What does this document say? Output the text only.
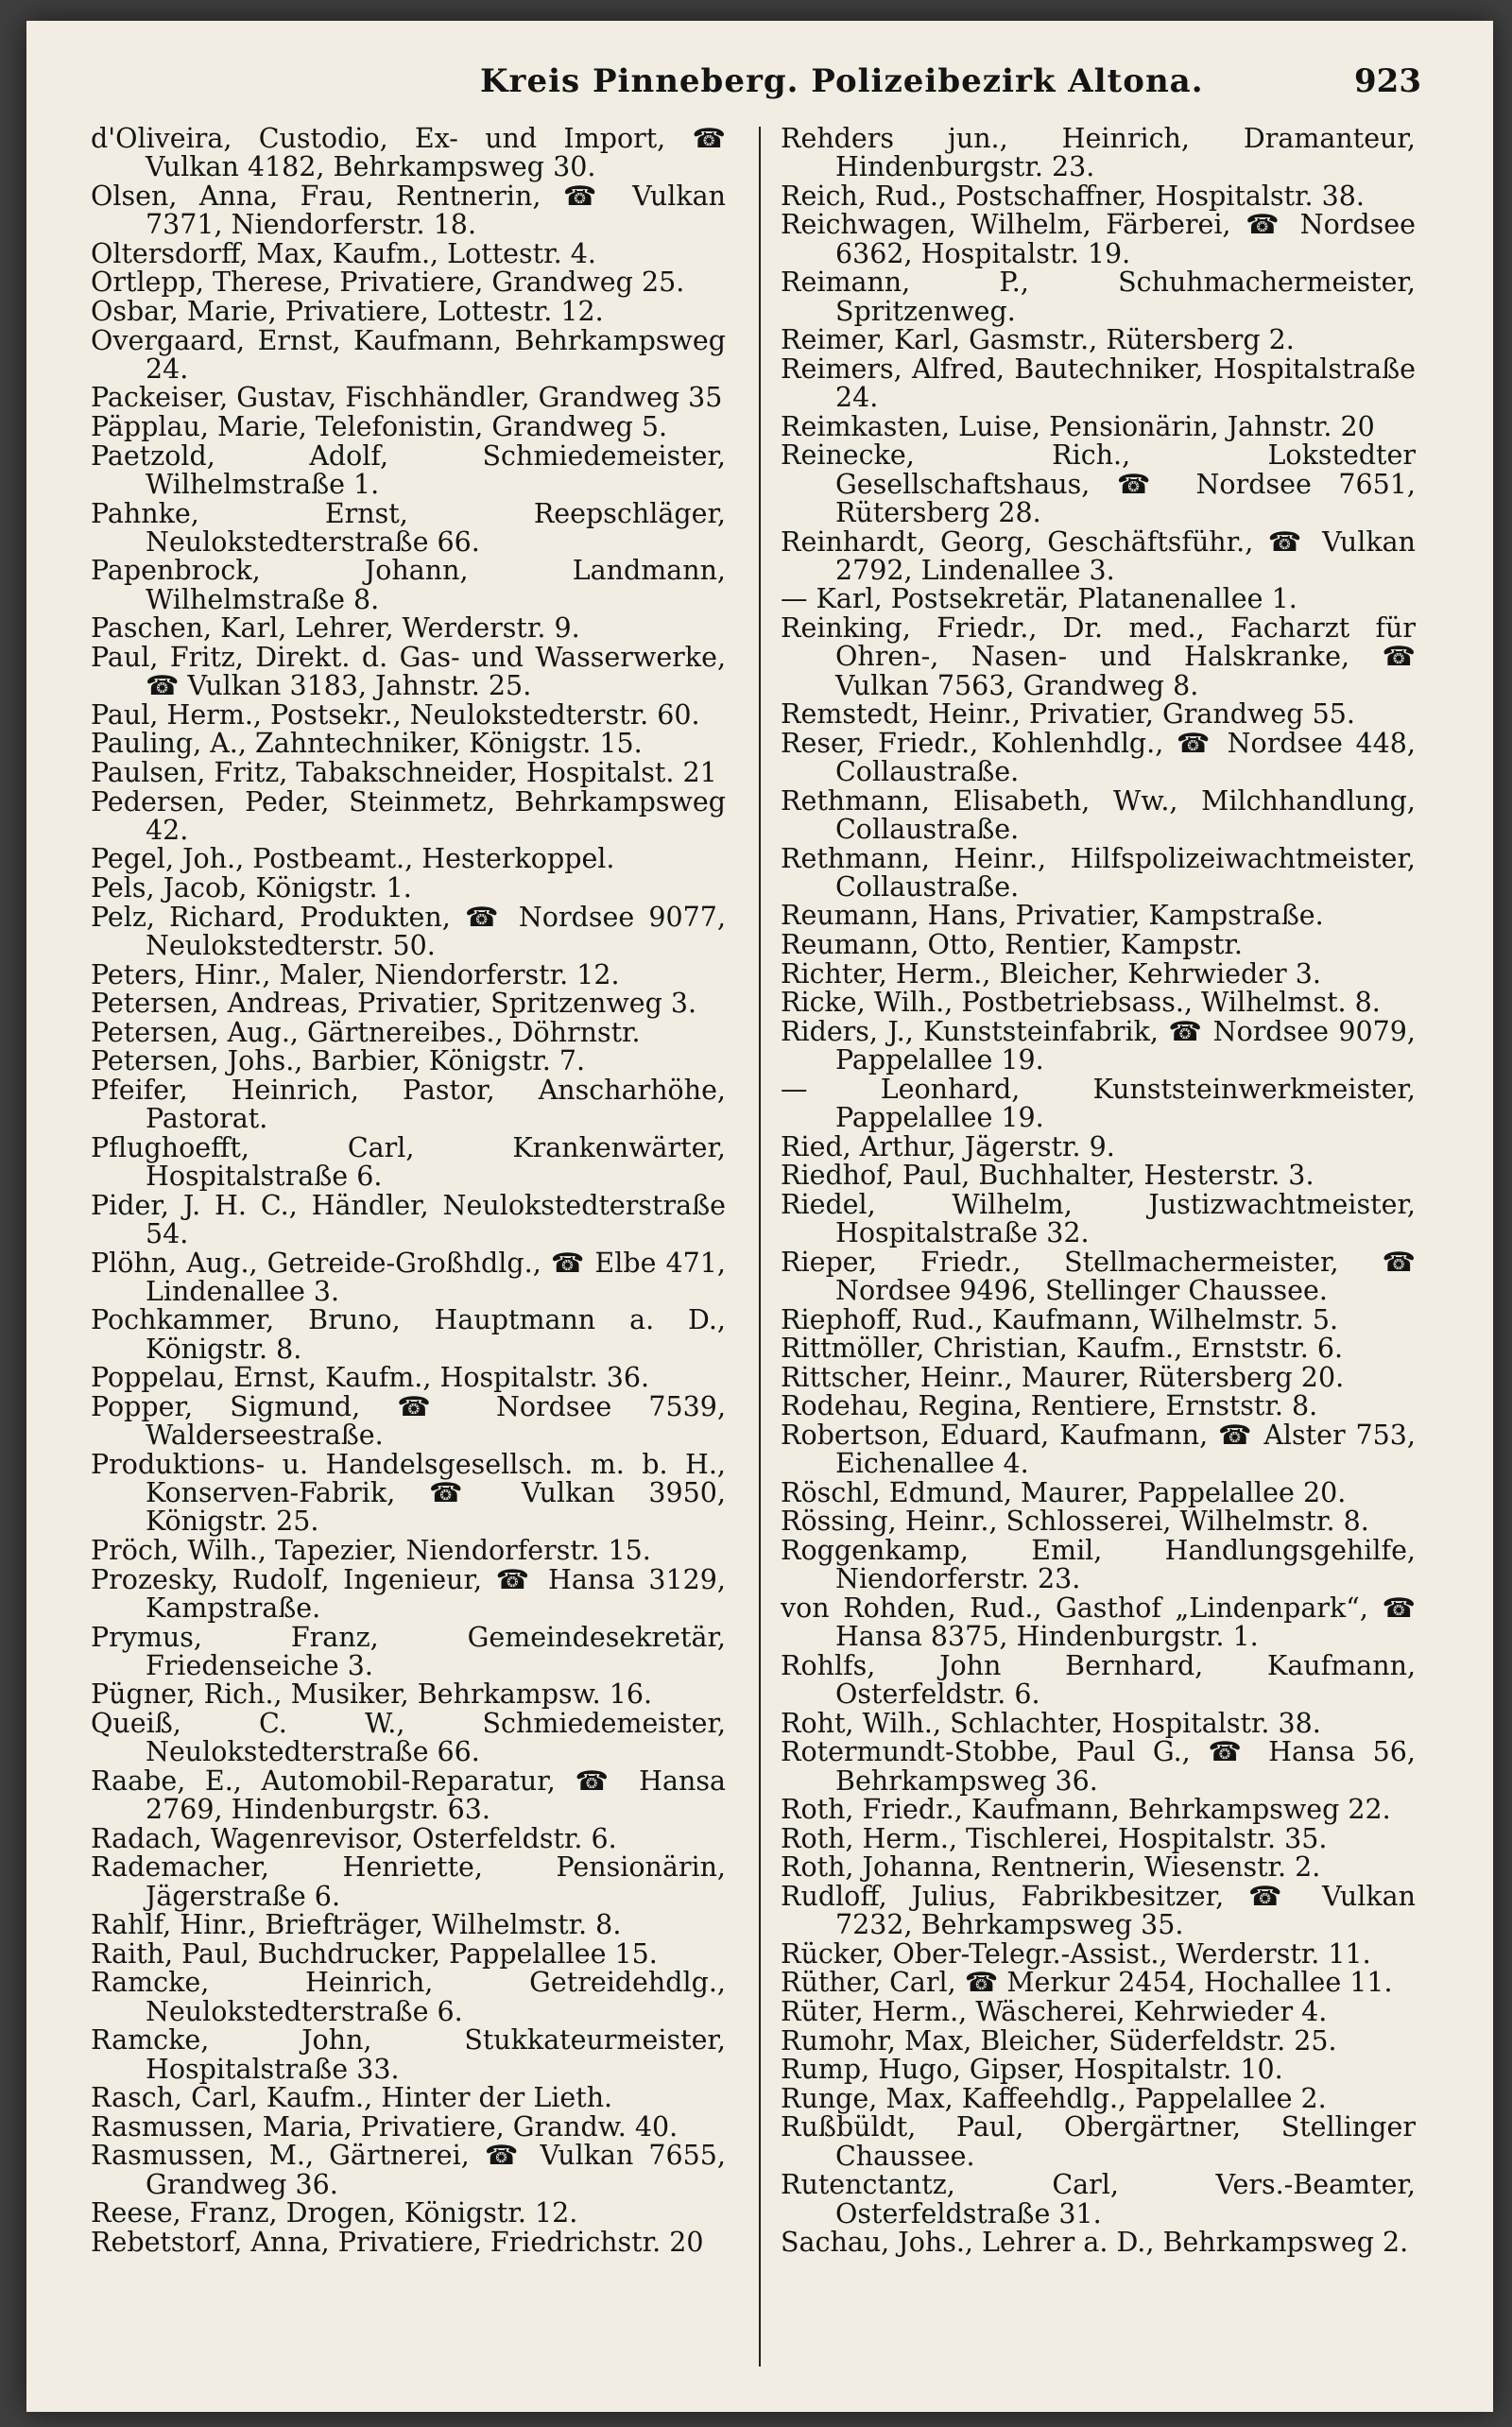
Kreis Pinneberg. Polizeibezirk Altona.	923

d'Oliveira, Custodio, Ex- und Import, ☎ Vulkan 4182, Behrkampsweg 30.

Olsen, Anna, Frau, Rentnerin, ☎ Vulkan 7371, Niendorferstr. 18.

Oltersdorff, Max, Kaufm., Lottestr. 4.

Ortlepp, Therese, Privatiere, Grandweg 25.

Osbar, Marie, Privatiere, Lottestr. 12.

Overgaard, Ernst, Kaufmann, Behrkampsweg 24.

Packeiser, Gustav, Fischhändler, Grandweg 35

Päpplau, Marie, Telefonistin, Grandweg 5.

Paetzold, Adolf, Schmiedemeister, Wilhelmstraße 1.

Pahnke, Ernst, Reepschläger, Neulokstedterstraße 66.

Papenbrock, Johann, Landmann, Wilhelmstraße 8.

Paschen, Karl, Lehrer, Werderstr. 9.

Paul, Fritz, Direkt. d. Gas- und Wasserwerke, ☎ Vulkan 3183, Jahnstr. 25.

Paul, Herm., Postsekr., Neulokstedterstr. 60.

Pauling, A., Zahntechniker, Königstr. 15.

Paulsen, Fritz, Tabakschneider, Hospitalst. 21

Pedersen, Peder, Steinmetz, Behrkampsweg 42.

Pegel, Joh., Postbeamt., Hesterkoppel.

Pels, Jacob, Königstr. 1.

Pelz, Richard, Produkten, ☎ Nordsee 9077, Neulokstedterstr. 50.

Peters, Hinr., Maler, Niendorferstr. 12.

Petersen, Andreas, Privatier, Spritzenweg 3.

Petersen, Aug., Gärtnereibes., Döhrnstr.

Petersen, Johs., Barbier, Königstr. 7.

Pfeifer, Heinrich, Pastor, Anscharhöhe, Pastorat.

Pflughoefft, Carl, Krankenwärter, Hospitalstraße 6.

Pider, J. H. C., Händler, Neulokstedterstraße 54.

Plöhn, Aug., Getreide-Großhdlg., ☎ Elbe 471, Lindenallee 3.

Pochkammer, Bruno, Hauptmann a. D., Königstr. 8.

Poppelau, Ernst, Kaufm., Hospitalstr. 36.

Popper, Sigmund, ☎ Nordsee 7539, Walderseestraße.

Produktions- u. Handelsgesellsch. m. b. H., Konserven-Fabrik, ☎ Vulkan 3950, Königstr. 25.

Pröch, Wilh., Tapezier, Niendorferstr. 15.

Prozesky, Rudolf, Ingenieur, ☎ Hansa 3129, Kampstraße.

Prymus, Franz, Gemeindesekretär, Friedenseiche 3.

Pügner, Rich., Musiker, Behrkampsw. 16.

Queiß, C. W., Schmiedemeister, Neulokstedterstraße 66.

Raabe, E., Automobil-Reparatur, ☎ Hansa 2769, Hindenburgstr. 63.

Radach, Wagenrevisor, Osterfeldstr. 6.

Rademacher, Henriette, Pensionärin, Jägerstraße 6.

Rahlf, Hinr., Briefträger, Wilhelmstr. 8.

Raith, Paul, Buchdrucker, Pappelallee 15.

Ramcke, Heinrich, Getreidehdlg., Neulokstedterstraße 6.

Ramcke, John, Stukkateurmeister, Hospitalstraße 33.

Rasch, Carl, Kaufm., Hinter der Lieth.

Rasmussen, Maria, Privatiere, Grandw. 40.

Rasmussen, M., Gärtnerei, ☎ Vulkan 7655, Grandweg 36.

Reese, Franz, Drogen, Königstr. 12.

Rebetstorf, Anna, Privatiere, Friedrichstr. 20

Rehders jun., Heinrich, Dramanteur, Hindenburgstr. 23.

Reich, Rud., Postschaffner, Hospitalstr. 38.

Reichwagen, Wilhelm, Färberei, ☎ Nordsee 6362, Hospitalstr. 19.

Reimann, P., Schuhmachermeister, Spritzenweg.

Reimer, Karl, Gasmstr., Rütersberg 2.

Reimers, Alfred, Bautechniker, Hospitalstraße 24.

Reimkasten, Luise, Pensionärin, Jahnstr. 20

Reinecke, Rich., Lokstedter Gesellschaftshaus, ☎ Nordsee 7651, Rütersberg 28.

Reinhardt, Georg, Geschäftsführ., ☎ Vulkan 2792, Lindenallee 3.

— Karl, Postsekretär, Platanenallee 1.

Reinking, Friedr., Dr. med., Facharzt für Ohren-, Nasen- und Halskranke, ☎ Vulkan 7563, Grandweg 8.

Remstedt, Heinr., Privatier, Grandweg 55.

Reser, Friedr., Kohlenhdlg., ☎ Nordsee 448, Collaustraße.

Rethmann, Elisabeth, Ww., Milchhandlung, Collaustraße.

Rethmann, Heinr., Hilfspolizeiwachtmeister, Collaustraße.

Reumann, Hans, Privatier, Kampstraße.

Reumann, Otto, Rentier, Kampstr.

Richter, Herm., Bleicher, Kehrwieder 3.

Ricke, Wilh., Postbetriebsass., Wilhelmst. 8.

Riders, J., Kunststeinfabrik, ☎ Nordsee 9079, Pappelallee 19.

— Leonhard, Kunststeinwerkmeister, Pappelallee 19.

Ried, Arthur, Jägerstr. 9.

Riedhof, Paul, Buchhalter, Hesterstr. 3.

Riedel, Wilhelm, Justizwachtmeister, Hospitalstraße 32.

Rieper, Friedr., Stellmachermeister, ☎ Nordsee 9496, Stellinger Chaussee.

Riephoff, Rud., Kaufmann, Wilhelmstr. 5.

Rittmöller, Christian, Kaufm., Ernststr. 6.

Rittscher, Heinr., Maurer, Rütersberg 20.

Rodehau, Regina, Rentiere, Ernststr. 8.

Robertson, Eduard, Kaufmann, ☎ Alster 753, Eichenallee 4.

Röschl, Edmund, Maurer, Pappelallee 20.

Rössing, Heinr., Schlosserei, Wilhelmstr. 8.

Roggenkamp, Emil, Handlungsgehilfe, Niendorferstr. 23.

von Rohden, Rud., Gasthof „Lindenpark“, ☎ Hansa 8375, Hindenburgstr. 1.

Rohlfs, John Bernhard, Kaufmann, Osterfeldstr. 6.

Roht, Wilh., Schlachter, Hospitalstr. 38.

Rotermundt-Stobbe, Paul G., ☎ Hansa 56, Behrkampsweg 36.

Roth, Friedr., Kaufmann, Behrkampsweg 22.

Roth, Herm., Tischlerei, Hospitalstr. 35.

Roth, Johanna, Rentnerin, Wiesenstr. 2.

Rudloff, Julius, Fabrikbesitzer, ☎ Vulkan 7232, Behrkampsweg 35.

Rücker, Ober-Telegr.-Assist., Werderstr. 11.

Rüther, Carl, ☎ Merkur 2454, Hochallee 11.

Rüter, Herm., Wäscherei, Kehrwieder 4.

Rumohr, Max, Bleicher, Süderfeldstr. 25.

Rump, Hugo, Gipser, Hospitalstr. 10.

Runge, Max, Kaffeehdlg., Pappelallee 2.

Rußbüldt, Paul, Obergärtner, Stellinger Chaussee.

Rutenctantz, Carl, Vers.-Beamter, Osterfeldstraße 31.

Sachau, Johs., Lehrer a. D., Behrkampsweg 2.
